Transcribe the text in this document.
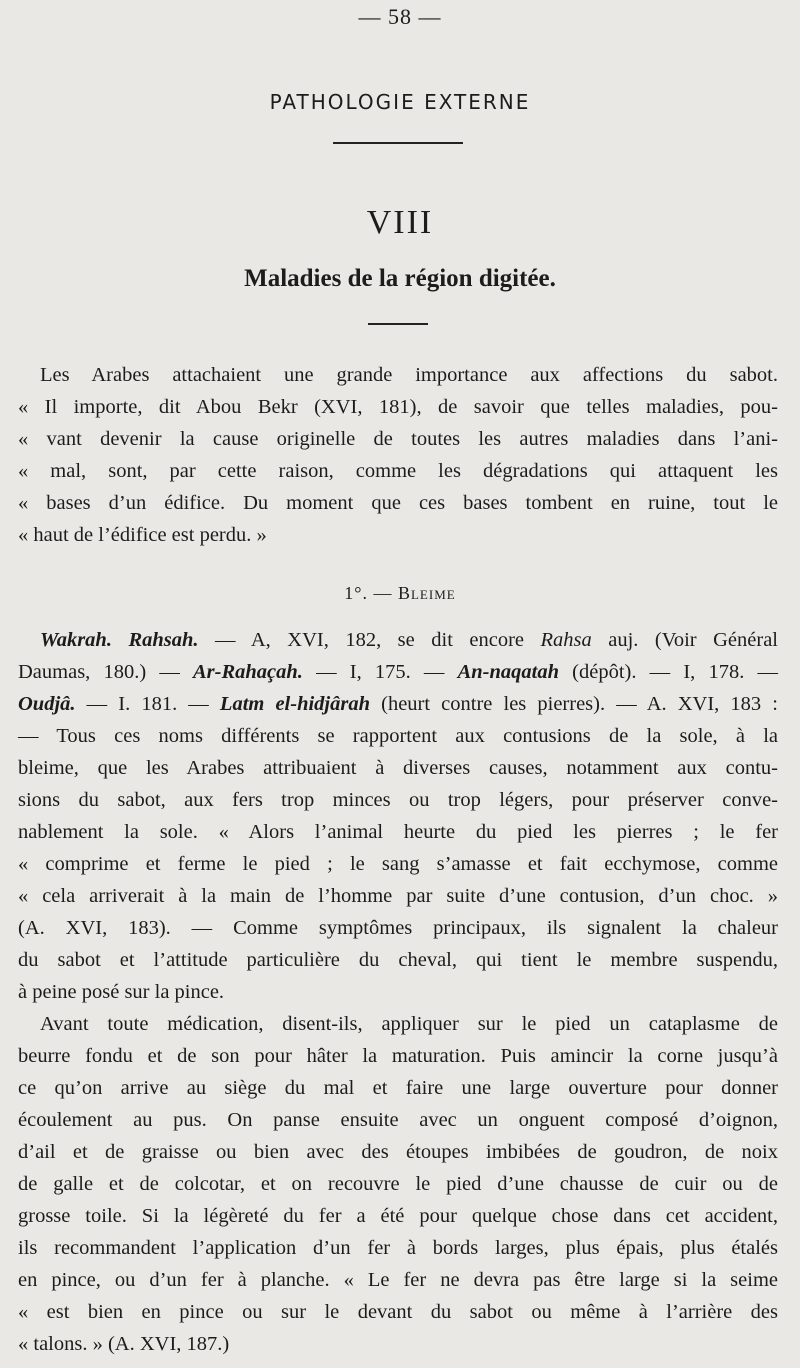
— 58 —
PATHOLOGIE EXTERNE
VIII
Maladies de la région digitée.
Les Arabes attachaient une grande importance aux affections du sabot.
« Il importe, dit Abou Bekr (XVI, 181), de savoir que telles maladies, pou-
« vant devenir la cause originelle de toutes les autres maladies dans l’ani-
« mal, sont, par cette raison, comme les dégradations qui attaquent les
« bases d’un édifice. Du moment que ces bases tombent en ruine, tout le
« haut de l’édifice est perdu. »
1°. — Bleime
Wakrah. Rahsah. — A, XVI, 182, se dit encore Rahsa auj. (Voir Général
Daumas, 180.) — Ar-Rahaçah. — I, 175. — An-naqatah (dépôt). — I, 178. —
Oudjâ. — I. 181. — Latm el-hidjârah (heurt contre les pierres). — A. XVI, 183 :
— Tous ces noms différents se rapportent aux contusions de la sole, à la
bleime, que les Arabes attribuaient à diverses causes, notamment aux contu-
sions du sabot, aux fers trop minces ou trop légers, pour préserver conve-
nablement la sole. « Alors l’animal heurte du pied les pierres ; le fer
« comprime et ferme le pied ; le sang s’amasse et fait ecchymose, comme
« cela arriverait à la main de l’homme par suite d’une contusion, d’un choc. »
(A. XVI, 183). — Comme symptômes principaux, ils signalent la chaleur
du sabot et l’attitude particulière du cheval, qui tient le membre suspendu,
à peine posé sur la pince.
Avant toute médication, disent-ils, appliquer sur le pied un cataplasme de
beurre fondu et de son pour hâter la maturation. Puis amincir la corne jusqu’à
ce qu’on arrive au siège du mal et faire une large ouverture pour donner
écoulement au pus. On panse ensuite avec un onguent composé d’oignon,
d’ail et de graisse ou bien avec des étoupes imbibées de goudron, de noix
de galle et de colcotar, et on recouvre le pied d’une chausse de cuir ou de
grosse toile. Si la légèreté du fer a été pour quelque chose dans cet accident,
ils recommandent l’application d’un fer à bords larges, plus épais, plus étalés
en pince, ou d’un fer à planche. « Le fer ne devra pas être large si la seime
« est bien en pince ou sur le devant du sabot ou même à l’arrière des
« talons. » (A. XVI, 187.)
